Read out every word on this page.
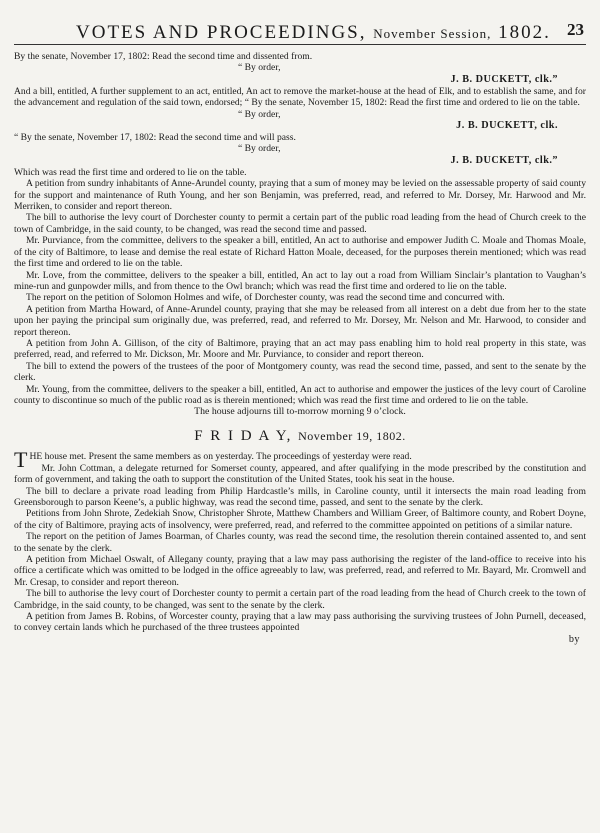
VOTES AND PROCEEDINGS, November Session, 1802. 23

By the senate, November 17, 1802: Read the second time and dissented from.

“ By order,

J. B. DUCKETT, clk.”

And a bill, entitled, A further supplement to an act, entitled, An act to remove the market-house at the head of Elk, and to establish the same, and for the advancement and regulation of the said town, endorsed; “ By the senate, November 15, 1802: Read the first time and ordered to lie on the table.

“ By order,

J. B. DUCKETT, clk.

“ By the senate, November 17, 1802: Read the second time and will pass.

“ By order,

J. B. DUCKETT, clk.”

Which was read the first time and ordered to lie on the table.

A petition from sundry inhabitants of Anne-Arundel county, praying that a sum of money may be levied on the assessable property of said county for the support and maintenance of Ruth Young, and her son Benjamin, was preferred, read, and referred to Mr. Dorsey, Mr. Harwood and Mr. Merriken, to consider and report thereon.

The bill to authorise the levy court of Dorchester county to permit a certain part of the public road leading from the head of Church creek to the town of Cambridge, in the said county, to be changed, was read the second time and passed.

Mr. Purviance, from the committee, delivers to the speaker a bill, entitled, An act to authorise and empower Judith C. Moale and Thomas Moale, of the city of Baltimore, to lease and demise the real estate of Richard Hatton Moale, deceased, for the purposes therein mentioned; which was read the first time and ordered to lie on the table.

Mr. Love, from the committee, delivers to the speaker a bill, entitled, An act to lay out a road from William Sinclair’s plantation to Vaughan’s mine-run and gunpowder mills, and from thence to the Owl branch; which was read the first time and ordered to lie on the table.

The report on the petition of Solomon Holmes and wife, of Dorchester county, was read the second time and concurred with.

A petition from Martha Howard, of Anne-Arundel county, praying that she may be released from all interest on a debt due from her to the state upon her paying the principal sum originally due, was preferred, read, and referred to Mr. Dorsey, Mr. Nelson and Mr. Harwood, to consider and report thereon.

A petition from John A. Gillison, of the city of Baltimore, praying that an act may pass enabling him to hold real property in this state, was preferred, read, and referred to Mr. Dickson, Mr. Moore and Mr. Purviance, to consider and report thereon.

The bill to extend the powers of the trustees of the poor of Montgomery county, was read the second time, passed, and sent to the senate by the clerk.

Mr. Young, from the committee, delivers to the speaker a bill, entitled, An act to authorise and empower the justices of the levy court of Caroline county to discontinue so much of the public road as is therein mentioned; which was read the first time and ordered to lie on the table.

The house adjourns till to-morrow morning 9 o’clock.

F R I D A Y, November 19, 1802.

THE house met. Present the same members as on yesterday. The proceedings of yesterday were read.

Mr. John Cottman, a delegate returned for Somerset county, appeared, and after qualifying in the mode prescribed by the constitution and form of government, and taking the oath to support the constitution of the United States, took his seat in the house.

The bill to declare a private road leading from Philip Hardcastle’s mills, in Caroline county, until it intersects the main road leading from Greensborough to parson Keene’s, a public highway, was read the second time, passed, and sent to the senate by the clerk.

Petitions from John Shrote, Zedekiah Snow, Christopher Shrote, Matthew Chambers and William Greer, of Baltimore county, and Robert Doyne, of the city of Baltimore, praying acts of insolvency, were preferred, read, and referred to the committee appointed on petitions of a similar nature.

The report on the petition of James Boarman, of Charles county, was read the second time, the resolution therein contained assented to, and sent to the senate by the clerk.

A petition from Michael Oswalt, of Allegany county, praying that a law may pass authorising the register of the land-office to receive into his office a certificate which was omitted to be lodged in the office agreeably to law, was preferred, read, and referred to Mr. Bayard, Mr. Cromwell and Mr. Cresap, to consider and report thereon.

The bill to authorise the levy court of Dorchester county to permit a certain part of the road leading from the head of Church creek to the town of Cambridge, in the said county, to be changed, was sent to the senate by the clerk.

A petition from James B. Robins, of Worcester county, praying that a law may pass authorising the surviving trustees of John Purnell, deceased, to convey certain lands which he purchased of the three trustees appointed

by
